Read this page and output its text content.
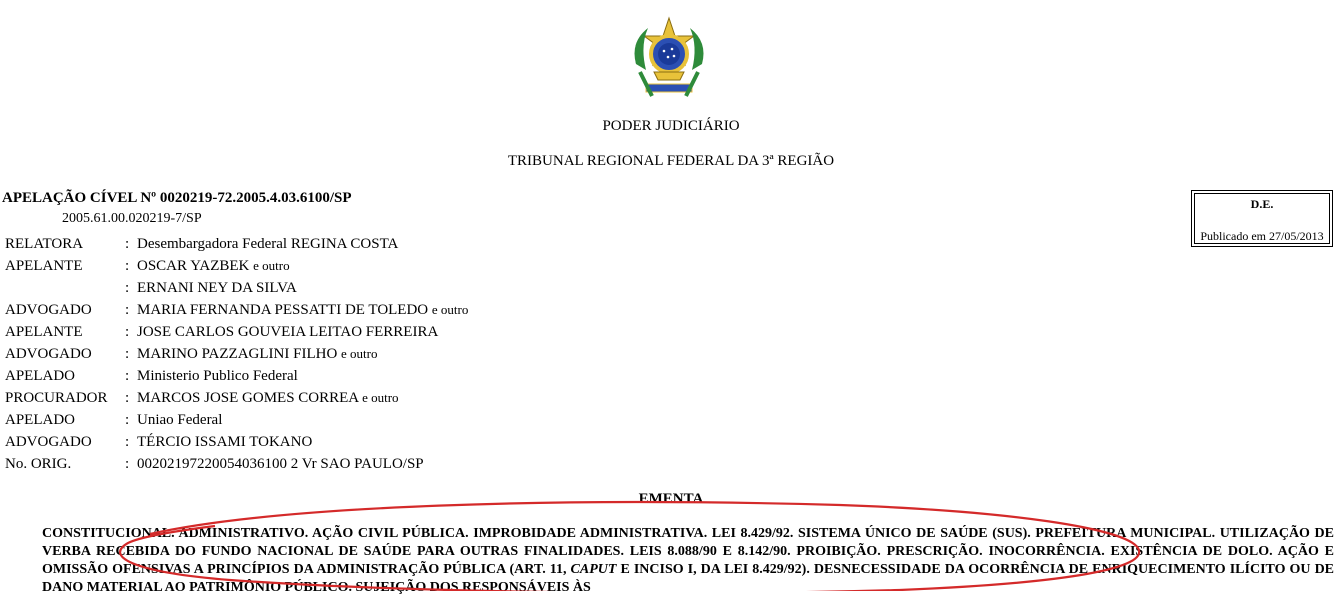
PODER JUDICIÁRIO
TRIBUNAL REGIONAL FEDERAL DA 3ª REGIÃO
APELAÇÃO CÍVEL Nº 0020219-72.2005.4.03.6100/SP
2005.61.00.020219-7/SP
D.E.
Publicado em 27/05/2013
RELATORA	: Desembargadora Federal REGINA COSTA
APELANTE	: OSCAR YAZBEK e outro
: ERNANI NEY DA SILVA
ADVOGADO : MARIA FERNANDA PESSATTI DE TOLEDO e outro
APELANTE	: JOSE CARLOS GOUVEIA LEITAO FERREIRA
ADVOGADO : MARINO PAZZAGLINI FILHO e outro
APELADO	: Ministerio Publico Federal
PROCURADOR : MARCOS JOSE GOMES CORREA e outro
APELADO	: Uniao Federal
ADVOGADO : TÉRCIO ISSAMI TOKANO
No. ORIG.	: 00202197220054036100 2 Vr SAO PAULO/SP
EMENTA

CONSTITUCIONAL. ADMINISTRATIVO. AÇÃO CIVIL PÚBLICA. IMPROBIDADE ADMINISTRATIVA. LEI 8.429/92. SISTEMA ÚNICO DE SAÚDE (SUS). PREFEITURA MUNICIPAL. UTILIZAÇÃO DE VERBA RECEBIDA DO FUNDO NACIONAL DE SAÚDE PARA OUTRAS FINALIDADES. LEIS 8.088/90 E 8.142/90. PROIBIÇÃO. PRESCRIÇÃO. INOCORRÊNCIA. EXISTÊNCIA DE DOLO. AÇÃO E OMISSÃO OFENSIVAS A PRINCÍPIOS DA ADMINISTRAÇÃO PÚBLICA (ART. 11, CAPUT E INCISO I, DA LEI 8.429/92). DESNECESSIDADE DA OCORRÊNCIA DE ENRIQUECIMENTO ILÍCITO OU DE DANO MATERIAL AO PATRIMÔNIO PÚBLICO. SUJEIÇÃO DOS RESPONSÁVEIS ÀS
